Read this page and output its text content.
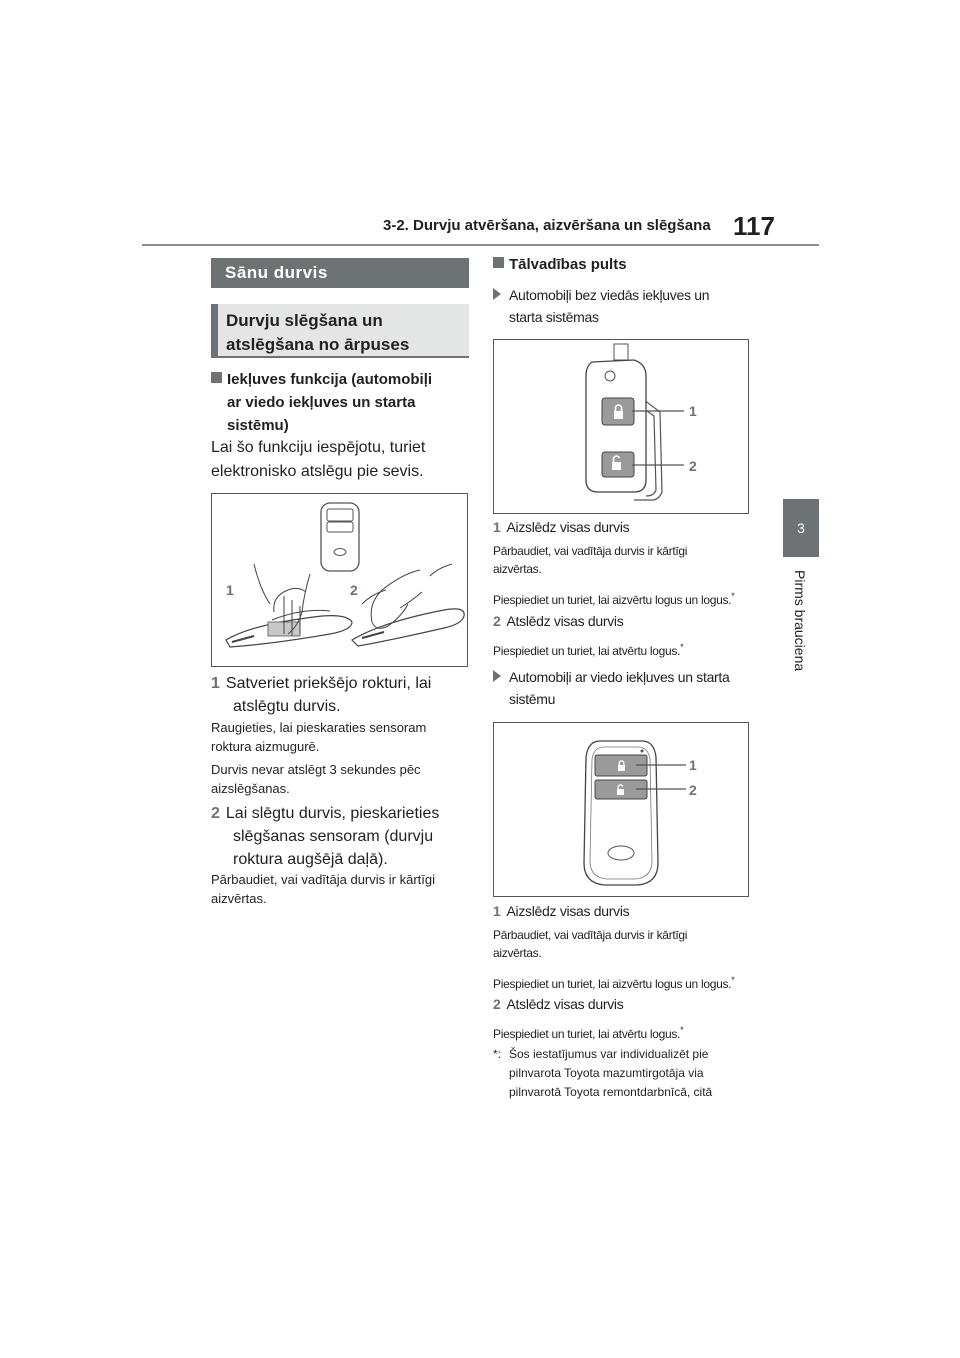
3-2. Durvju atvēršana, aizvēršana un slēgšana 117
3
Pirms brauciena
Sānu durvis
Durvju slēgšana un
atslēgšana no ārpuses
Iekļuves funkcija (automobiļi
ar viedo iekļuves un starta
sistēmu)
Lai šo funkciju iespējotu, turiet
elektronisko atslēgu pie sevis.
1	2
1 Satveriet priekšējo rokturi, lai
atslēgtu durvis.
Raugieties, lai pieskaraties sensoram
roktura aizmugurē.
Durvis nevar atslēgt 3 sekundes pēc
aizslēgšanas.
2 Lai slēgtu durvis, pieskarieties
slēgšanas sensoram (durvju
roktura augšējā daļā).
Pārbaudiet, vai vadītāja durvis ir kārtīgi
aizvērtas.
Tālvadības pults
Automobiļi bez viedās iekļuves un
starta sistēmas
1
2
1 Aizslēdz visas durvis
Pārbaudiet, vai vadītāja durvis ir kārtīgi
aizvērtas.
Piespiediet un turiet, lai aizvērtu logus un logus.*
2 Atslēdz visas durvis
Piespiediet un turiet, lai atvērtu logus.*
Automobiļi ar viedo iekļuves un starta
sistēmu
1
2
1 Aizslēdz visas durvis
Pārbaudiet, vai vadītāja durvis ir kārtīgi
aizvērtas.
Piespiediet un turiet, lai aizvērtu logus un logus.*
2 Atslēdz visas durvis
Piespiediet un turiet, lai atvērtu logus.*
*: Šos iestatījumus var individualizēt pie
pilnvarota Toyota mazumtirgotāja via
pilnvarotā Toyota remontdarbnīcā, citā
